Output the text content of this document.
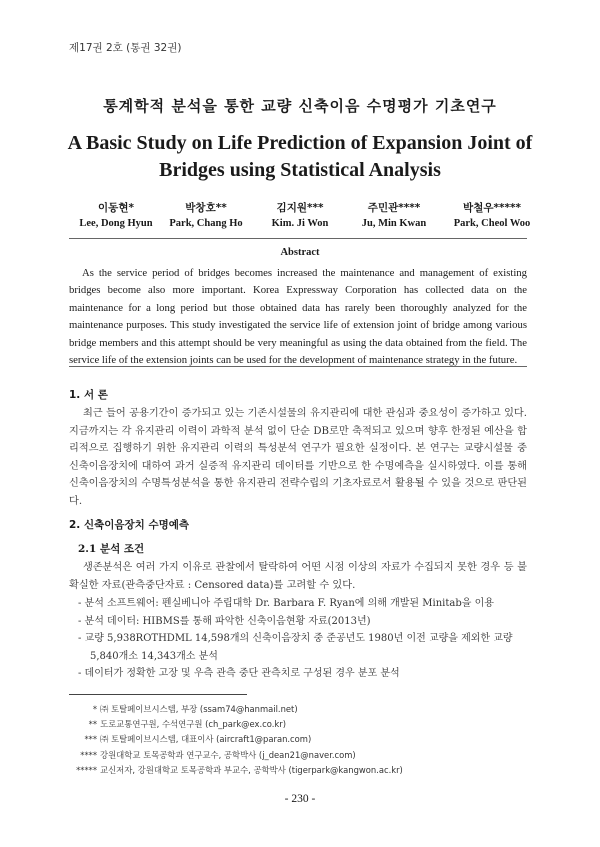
제17권 2호 (통권 32권)
통계학적 분석을 통한 교량 신축이음 수명평가 기초연구
A Basic Study on Life Prediction of Expansion Joint of
Bridges using Statistical Analysis
이동현*
Lee, Dong Hyun
박창호**
Park, Chang Ho
김지원***
Kim. Ji Won
주민관****
Ju, Min Kwan
박철우*****
Park, Cheol Woo
Abstract
As the service period of bridges becomes increased the maintenance and management of existing bridges become also more important. Korea Expressway Corporation has collected data on the maintenance for a long period but those obtained data has rarely been thoroughly analyzed for the maintenance purposes. This study investigated the service life of extension joint of bridge among various bridge members and this attempt should be very meaningful as using the data obtained from the field. The service life of the extension joints can be used for the development of maintenance strategy in the future.
1. 서 론
최근 들어 공용기간이 증가되고 있는 기존시설물의 유지관리에 대한 관심과 중요성이 증가하고 있다. 지금까지는 각 유지관리 이력이 과학적 분석 없이 단순 DB로만 축적되고 있으며 향후 한정된 예산을 합리적으로 집행하기 위한 유지관리 이력의 특성분석 연구가 필요한 실정이다. 본 연구는 교량시설물 중 신축이음장치에 대하여 과거 실증적 유지관리 데이터를 기반으로 한 수명예측을 실시하였다. 이를 통해 신축이음장치의 수명특성분석을 통한 유지관리 전략수립의 기초자료로서 활용될 수 있을 것으로 판단된다.
2. 신축이음장치 수명예측
2.1 분석 조건
생존분석은 여러 가지 이유로 관찰에서 탈락하여 어떤 시점 이상의 자료가 수집되지 못한 경우 등 불확실한 자료(관측중단자료 : Censored data)를 고려할 수 있다.
- 분석 소프트웨어: 펜실베니아 주립대학 Dr. Barbara F. Ryan에 의해 개발된 Minitab을 이용
- 분석 데이터: HIBMS를 통해 파악한 신축이음현황 자료(2013년)
- 교량 5,938ROTHDML 14,598개의 신축이음장치 중 준공년도 1980년 이전 교량을 제외한 교량 5,840개소 14,343개소 분석
- 데이터가 정확한 고장 및 우측 관측 중단 관측치로 구성된 경우 분포 분석
* ㈜ 토탈페이브시스템, 부장 (ssam74@hanmail.net)
** 도로교통연구원, 수석연구원 (ch_park@ex.co.kr)
*** ㈜ 토탈페이브시스템, 대표이사 (aircraft1@paran.com)
**** 강원대학교 토목공학과 연구교수, 공학박사 (j_dean21@naver.com)
***** 교신저자, 강원대학교 토목공학과 부교수, 공학박사 (tigerpark@kangwon.ac.kr)
- 230 -
